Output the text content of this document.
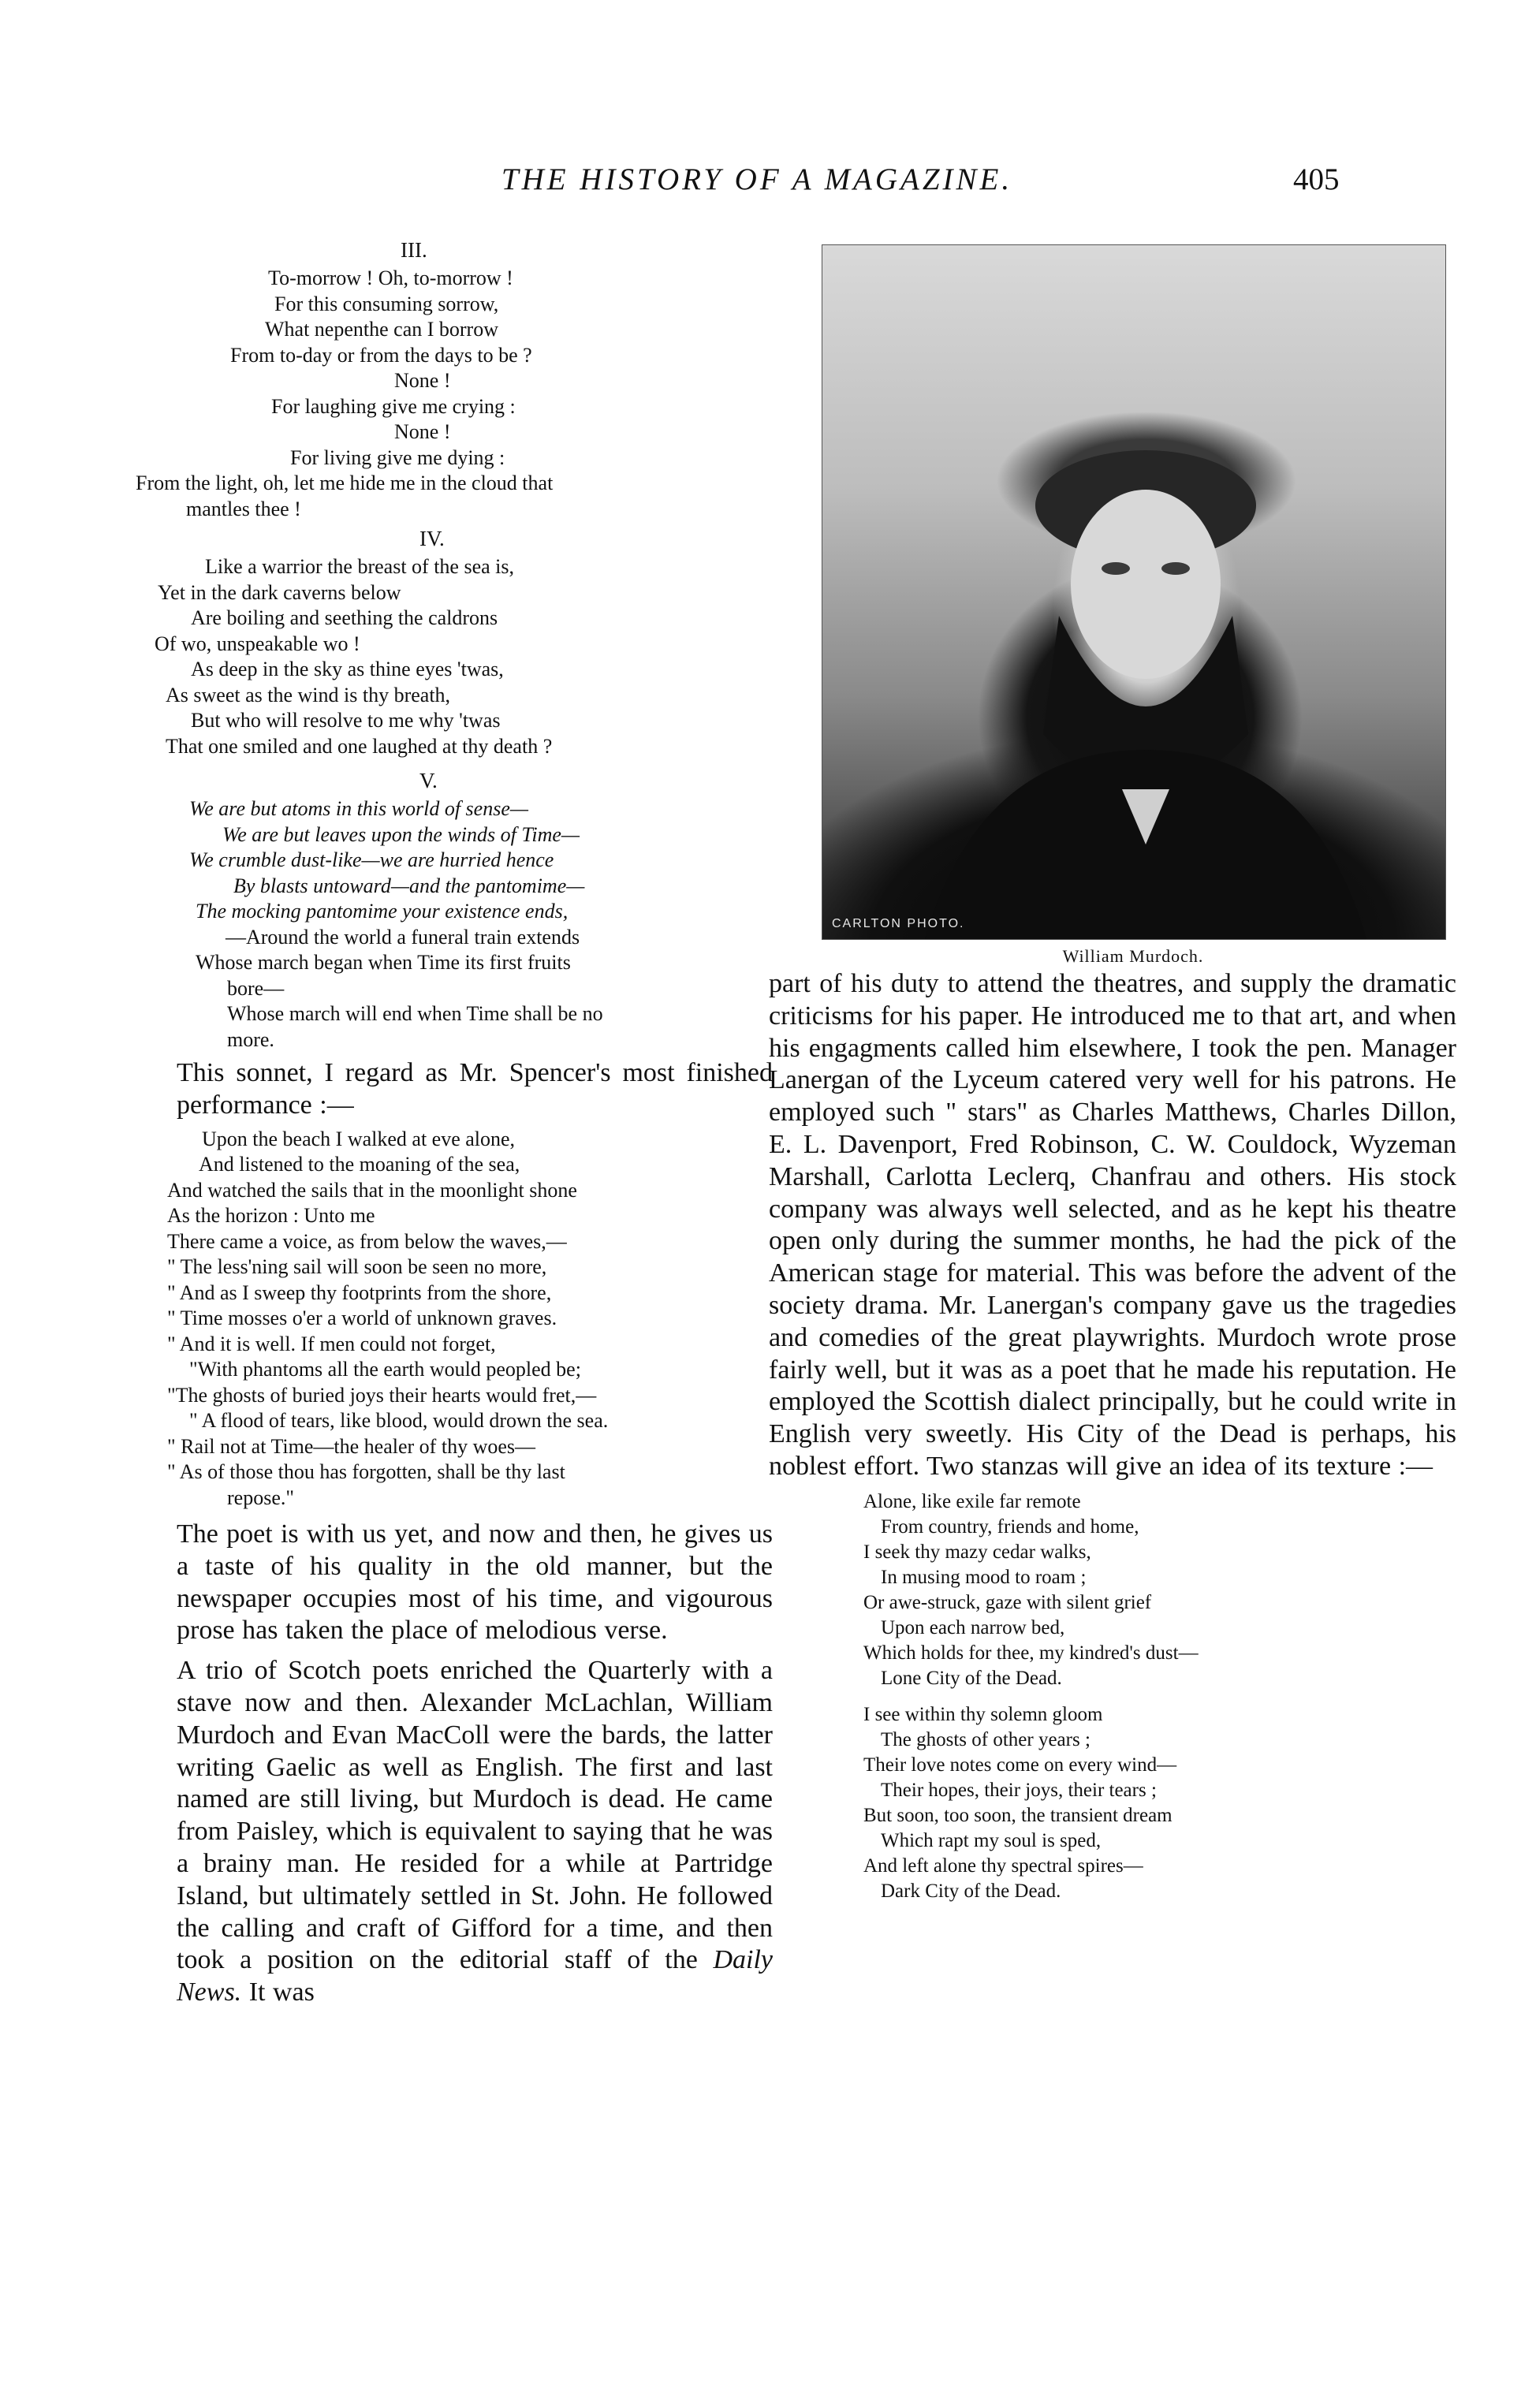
THE HISTORY OF A MAGAZINE.	405
III.
To-morrow ! Oh, to-morrow !
For this consuming sorrow,
What nepenthe can I borrow
From to-day or from the days to be ?
None !
For laughing give me crying :
None !
For living give me dying :
From the light, oh, let me hide me in the cloud that
mantles thee !
IV.
Like a warrior the breast of the sea is,
Yet in the dark caverns below
Are boiling and seething the caldrons
Of wo, unspeakable wo !
As deep in the sky as thine eyes 'twas,
As sweet as the wind is thy breath,
But who will resolve to me why 'twas
That one smiled and one laughed at thy death ?
V.
We are but atoms in this world of sense—
We are but leaves upon the winds of Time—
We crumble dust-like—we are hurried hence
By blasts untoward—and the pantomime—
The mocking pantomime your existence ends,
—Around the world a funeral train extends
Whose march began when Time its first fruits
bore—
Whose march will end when Time shall be no
more.
This sonnet, I regard as Mr. Spencer's most finished performance :—
Upon the beach I walked at eve alone,
And listened to the moaning of the sea,
And watched the sails that in the moonlight shone
As the horizon : Unto me
There came a voice, as from below the waves,—
" The less'ning sail will soon be seen no more,
" And as I sweep thy footprints from the shore,
" Time mosses o'er a world of unknown graves.
" And it is well. If men could not forget,
"With phantoms all the earth would peopled be;
"The ghosts of buried joys their hearts would fret,—
" A flood of tears, like blood, would drown the sea.
" Rail not at Time—the healer of thy woes—
" As of those thou has forgotten, shall be thy last
repose."
The poet is with us yet, and now and then, he gives us a taste of his quality in the old manner, but the newspaper occupies most of his time, and vigourous prose has taken the place of melodious verse.
A trio of Scotch poets enriched the Quarterly with a stave now and then. Alexander McLachlan, William Murdoch and Evan MacColl were the bards, the latter writing Gaelic as well as English. The first and last named are still living, but Murdoch is dead. He came from Paisley, which is equivalent to saying that he was a brainy man. He resided for a while at Partridge Island, but ultimately settled in St. John. He followed the calling and craft of Gifford for a time, and then took a position on the editorial staff of the Daily News. It was
CARLTON PHOTO.
William Murdoch.
part of his duty to attend the theatres, and supply the dramatic criticisms for his paper. He introduced me to that art, and when his engagments called him elsewhere, I took the pen. Manager Lanergan of the Lyceum catered very well for his patrons. He employed such " stars" as Charles Matthews, Charles Dillon, E. L. Davenport, Fred Robinson, C. W. Couldock, Wyzeman Marshall, Carlotta Leclerq, Chanfrau and others. His stock company was always well selected, and as he kept his theatre open only during the summer months, he had the pick of the American stage for material. This was before the advent of the society drama. Mr. Lanergan's company gave us the tragedies and comedies of the great playwrights. Murdoch wrote prose fairly well, but it was as a poet that he made his reputation. He employed the Scottish dialect principally, but he could write in English very sweetly. His City of the Dead is perhaps, his noblest effort. Two stanzas will give an idea of its texture :—
Alone, like exile far remote
From country, friends and home,
I seek thy mazy cedar walks,
In musing mood to roam ;
Or awe-struck, gaze with silent grief
Upon each narrow bed,
Which holds for thee, my kindred's dust—
Lone City of the Dead.
I see within thy solemn gloom
The ghosts of other years ;
Their love notes come on every wind—
Their hopes, their joys, their tears ;
But soon, too soon, the transient dream
Which rapt my soul is sped,
And left alone thy spectral spires—
Dark City of the Dead.
